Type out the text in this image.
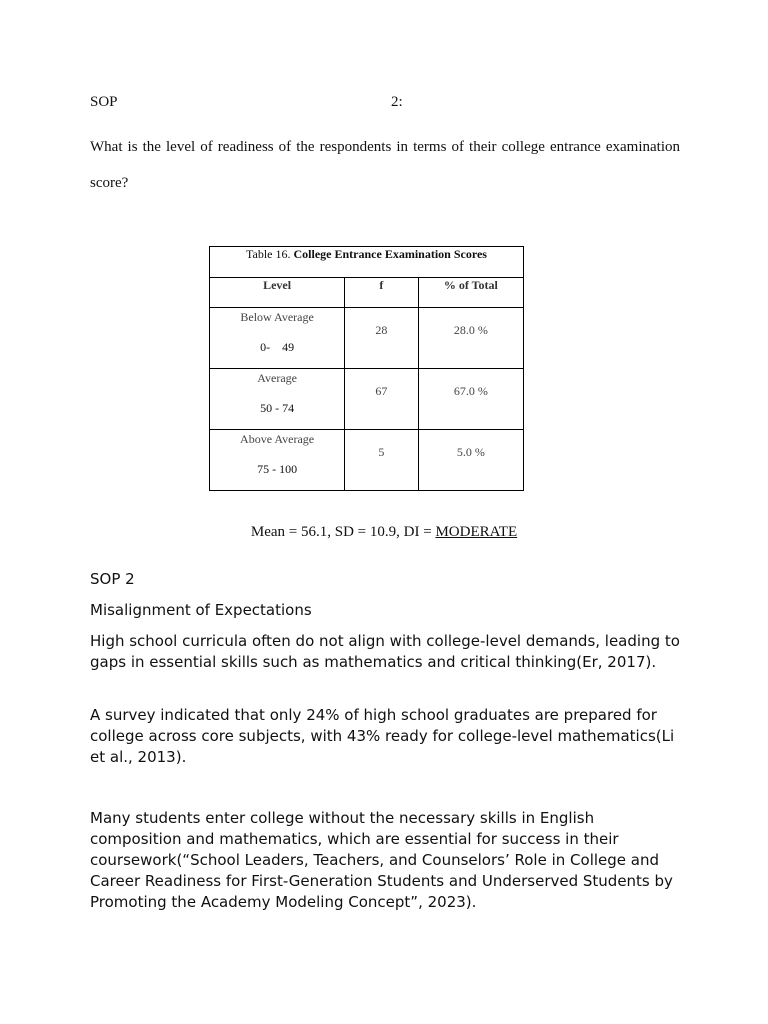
SOP	2:
What is the level of readiness of the respondents in terms of their college entrance examination score?
Table 16. College Entrance Examination Scores		
Level	f	% of Total

Below Average
0-    49	28	28.0 %

Average
50 - 74	67	67.0 %

Above Average
75 - 100	5	5.0 %
Mean = 56.1, SD = 10.9, DI = MODERATE
SOP 2
Misalignment of Expectations
High school curricula often do not align with college-level demands, leading to gaps in essential skills such as mathematics and critical thinking(Er, 2017).
A survey indicated that only 24% of high school graduates are prepared for college across core subjects, with 43% ready for college-level mathematics(Li et al., 2013).
Many students enter college without the necessary skills in English composition and mathematics, which are essential for success in their coursework(“School Leaders, Teachers, and Counselors’ Role in College and Career Readiness for First-Generation Students and Underserved Students by Promoting the Academy Modeling Concept”, 2023).
